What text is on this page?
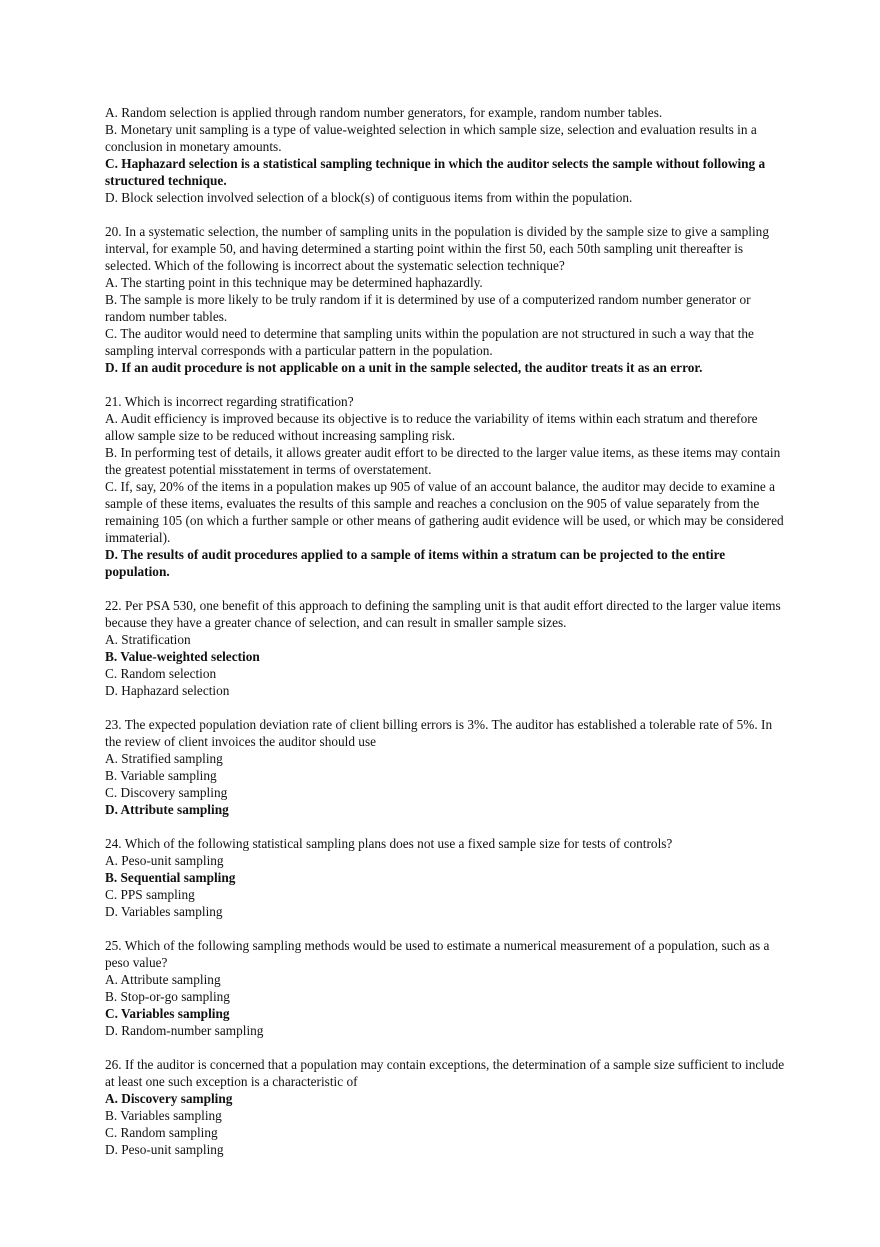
A. Random selection is applied through random number generators, for example, random number tables.
B. Monetary unit sampling is a type of value-weighted selection in which sample size, selection and evaluation results in a conclusion in monetary amounts.
C. Haphazard selection is a statistical sampling technique in which the auditor selects the sample without following a structured technique.
D. Block selection involved selection of a block(s) of contiguous items from within the population.
20. In a systematic selection, the number of sampling units in the population is divided by the sample size to give a sampling interval, for example 50, and having determined a starting point within the first 50, each 50th sampling unit thereafter is selected. Which of the following is incorrect about the systematic selection technique?
A. The starting point in this technique may be determined haphazardly.
B. The sample is more likely to be truly random if it is determined by use of a computerized random number generator or random number tables.
C. The auditor would need to determine that sampling units within the population are not structured in such a way that the sampling interval corresponds with a particular pattern in the population.
D. If an audit procedure is not applicable on a unit in the sample selected, the auditor treats it as an error.
21. Which is incorrect regarding stratification?
A. Audit efficiency is improved because its objective is to reduce the variability of items within each stratum and therefore allow sample size to be reduced without increasing sampling risk.
B. In performing test of details, it allows greater audit effort to be directed to the larger value items, as these items may contain the greatest potential misstatement in terms of overstatement.
C. If, say, 20% of the items in a population makes up 905 of value of an account balance, the auditor may decide to examine a sample of these items, evaluates the results of this sample and reaches a conclusion on the 905 of value separately from the remaining 105 (on which a further sample or other means of gathering audit evidence will be used, or which may be considered immaterial).
D. The results of audit procedures applied to a sample of items within a stratum can be projected to the entire population.
22. Per PSA 530, one benefit of this approach to defining the sampling unit is that audit effort directed to the larger value items because they have a greater chance of selection, and can result in smaller sample sizes.
A. Stratification
B. Value-weighted selection
C. Random selection
D. Haphazard selection
23. The expected population deviation rate of client billing errors is 3%. The auditor has established a tolerable rate of 5%. In the review of client invoices the auditor should use
A. Stratified sampling
B. Variable sampling
C. Discovery sampling
D. Attribute sampling
24. Which of the following statistical sampling plans does not use a fixed sample size for tests of controls?
A. Peso-unit sampling
B. Sequential sampling
C. PPS sampling
D. Variables sampling
25. Which of the following sampling methods would be used to estimate a numerical measurement of a population, such as a peso value?
A. Attribute sampling
B. Stop-or-go sampling
C. Variables sampling
D. Random-number sampling
26. If the auditor is concerned that a population may contain exceptions, the determination of a sample size sufficient to include at least one such exception is a characteristic of
A. Discovery sampling
B. Variables sampling
C. Random sampling
D. Peso-unit sampling
